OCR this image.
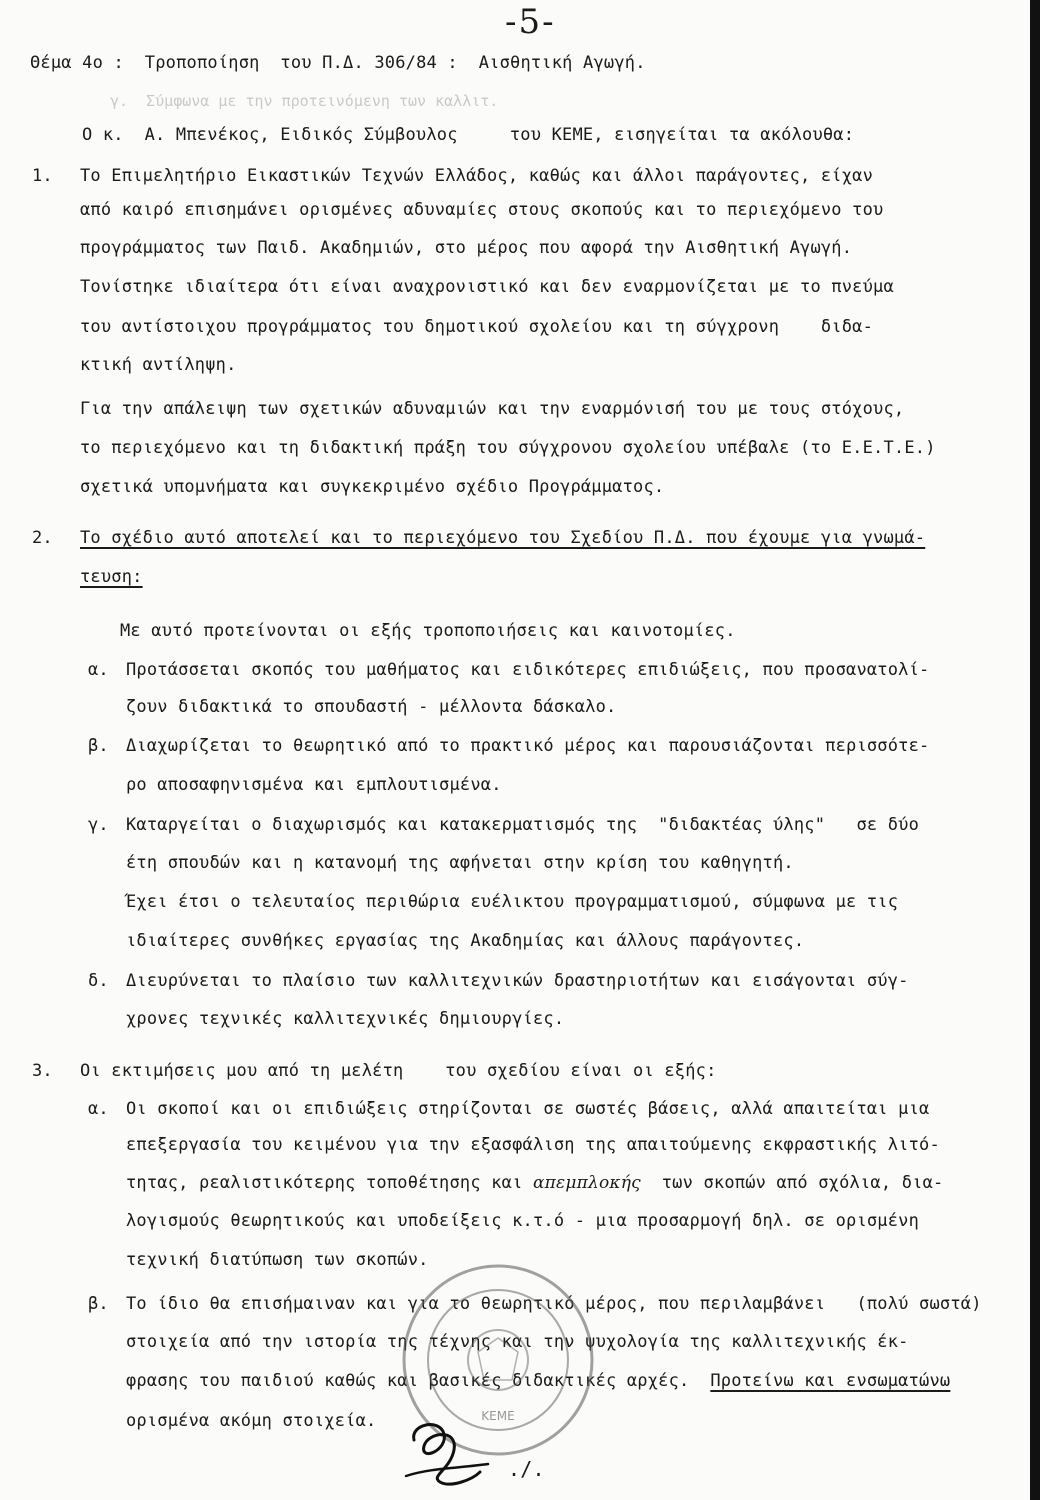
-5-
γ.  Σύμφωνα με την προτεινόμενη των καλλιτ.
Θέμα 4ο :  Τροποποίηση  του Π.Δ. 306/84 :  Αισθητική Αγωγή.
Ο κ.  Α. Μπενέκος, Ειδικός Σύμβουλος     του ΚΕΜΕ, εισηγείται τα ακόλουθα:
1. Το Επιμελητήριο Εικαστικών Τεχνών Ελλάδος, καθώς και άλλοι παράγοντες, είχαν
από καιρό επισημάνει ορισμένες αδυναμίες στους σκοπούς και το περιεχόμενο του
προγράμματος των Παιδ. Ακαδημιών, στο μέρος που αφορά την Αισθητική Αγωγή.
Τονίστηκε ιδιαίτερα ότι είναι αναχρονιστικό και δεν εναρμονίζεται με το πνεύμα
του αντίστοιχου προγράμματος του δημοτικού σχολείου και τη σύγχρονη    διδα-
κτική αντίληψη.
Για την απάλειψη των σχετικών αδυναμιών και την εναρμόνισή του με τους στόχους,
το περιεχόμενο και τη διδακτική πράξη του σύγχρονου σχολείου υπέβαλε (το Ε.Ε.Τ.Ε.)
σχετικά υπομνήματα και συγκεκριμένο σχέδιο Προγράμματος.
2. Το σχέδιο αυτό αποτελεί και το περιεχόμενο του Σχεδίου Π.Δ. που έχουμε για γνωμά-
τευση:
Με αυτό προτείνονται οι εξής τροποποιήσεις και καινοτομίες.
α. Προτάσσεται σκοπός του μαθήματος και ειδικότερες επιδιώξεις, που προσανατολί-
ζουν διδακτικά το σπουδαστή - μέλλοντα δάσκαλο.
β. Διαχωρίζεται το θεωρητικό από το πρακτικό μέρος και παρουσιάζονται περισσότε-
ρο αποσαφηνισμένα και εμπλουτισμένα.
γ. Καταργείται ο διαχωρισμός και κατακερματισμός της  "διδακτέας ύλης"   σε δύο
έτη σπουδών και η κατανομή της αφήνεται στην κρίση του καθηγητή.
Έχει έτσι ο τελευταίος περιθώρια ευέλικτου προγραμματισμού, σύμφωνα με τις
ιδιαίτερες συνθήκες εργασίας της Ακαδημίας και άλλους παράγοντες.
δ. Διευρύνεται το πλαίσιο των καλλιτεχνικών δραστηριοτήτων και εισάγονται σύγ-
χρονες τεχνικές καλλιτεχνικές δημιουργίες.
3. Οι εκτιμήσεις μου από τη μελέτη    του σχεδίου είναι οι εξής:
α. Οι σκοποί και οι επιδιώξεις στηρίζονται σε σωστές βάσεις, αλλά απαιτείται μια
επεξεργασία του κειμένου για την εξασφάλιση της απαιτούμενης εκφραστικής λιτό-
τητας, ρεαλιστικότερης τοποθέτησης και απεμπλοκής  των σκοπών από σχόλια, δια-
λογισμούς θεωρητικούς και υποδείξεις κ.τ.ό - μια προσαρμογή δηλ. σε ορισμένη
τεχνική διατύπωση των σκοπών.
β. Το ίδιο θα επισήμαιναν και για το θεωρητικό μέρος, που περιλαμβάνει   (πολύ σωστά)
στοιχεία από την ιστορία της τέχνης και την ψυχολογία της καλλιτεχνικής έκ-
φρασης του παιδιού καθώς και βασικές διδακτικές αρχές.  Προτείνω και ενσωματώνω
ορισμένα ακόμη στοιχεία.
./.
ΚΕΜΕ
